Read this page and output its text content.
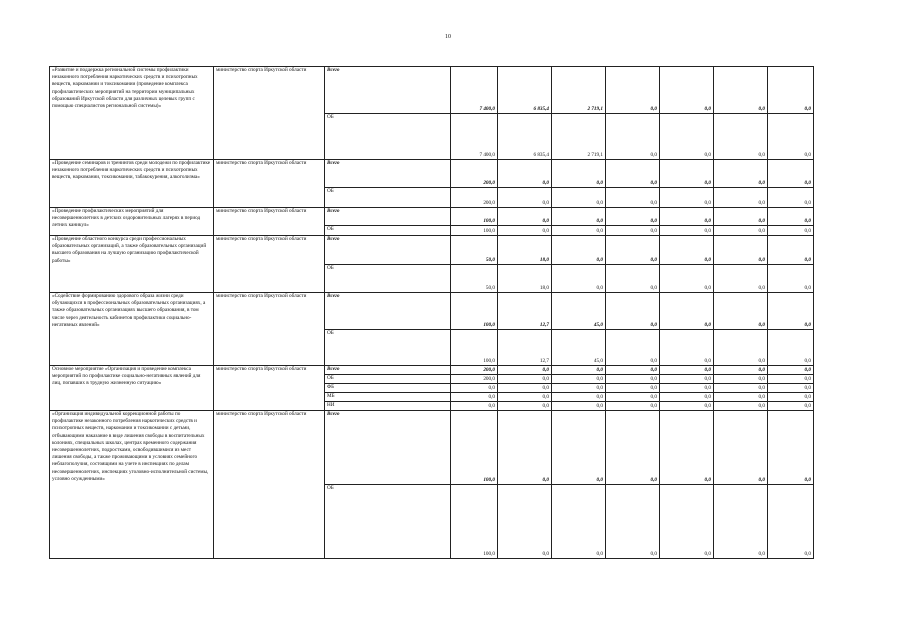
10
«Развитие и поддержка региональной системы профилактики незаконного потребления наркотических средств и психотропных веществ, наркомании и токсикомании (проведение комплекса профилактических мероприятий на территории муниципальных образований Иркутской области для различных целевых групп с помощью специалистов региональной системы)»	министерство спорта Иркутской области	Всего	7 400,0	6 835,4	2 719,1	0,0	0,0	0,0	0,0
		ОБ	7 400,0	6 835,4	2 719,1	0,0	0,0	0,0	0,0
«Проведение семинаров и тренингов среди молодежи по профилактике незаконного потребления наркотических средств и психотропных веществ, наркомании, токсикомании, табакокурения, алкоголизма»	министерство спорта Иркутской области	Всего	200,0	0,0	0,0	0,0	0,0	0,0	0,0
		ОБ	200,0	0,0	0,0	0,0	0,0	0,0	0,0
«Проведение профилактических мероприятий для несовершеннолетних в детских оздоровительных лагерях в период летних каникул»	министерство спорта Иркутской области	Всего	100,0	0,0	0,0	0,0	0,0	0,0	0,0
		ОБ	100,0	0,0	0,0	0,0	0,0	0,0	0,0
«Проведение областного конкурса среди профессиональных образовательных организаций, а также образовательных организаций высшего образования на лучшую организацию профилактической работы»	министерство спорта Иркутской области	Всего	50,0	18,0	0,0	0,0	0,0	0,0	0,0
		ОБ	50,0	18,0	0,0	0,0	0,0	0,0	0,0
«Содействие формированию здорового образа жизни среди обучающихся в профессиональных образовательных организациях, а также образовательных организациях высшего образования, в том числе через деятельность кабинетов профилактики социально-негативных явлений»	министерство спорта Иркутской области	Всего	100,0	12,7	45,0	0,0	0,0	0,0	0,0
		ОБ	100,0	12,7	45,0	0,0	0,0	0,0	0,0
Основное мероприятие «Организация и проведение комплекса мероприятий по профилактике социально-негативных явлений для лиц, попавших в трудную жизненную ситуацию»	министерство спорта Иркутской области	Всего	200,0	0,0	0,0	0,0	0,0	0,0	0,0
		ОБ	200,0	0,0	0,0	0,0	0,0	0,0	0,0
		ФБ	0,0	0,0	0,0	0,0	0,0	0,0	0,0
		МБ	0,0	0,0	0,0	0,0	0,0	0,0	0,0
		НИ	0,0	0,0	0,0	0,0	0,0	0,0	0,0
«Организация индивидуальной коррекционной работы по профилактике незаконного потребления наркотических средств и психотропных веществ, наркомании и токсикомании с детьми, отбывающими наказание в виде лишения свободы в воспитательных колониях, специальных школах, центрах временного содержания несовершеннолетних, подростками, освободившимися из мест лишения свободы, а также проживающими в условиях семейного неблагополучия, состоящими на учете в инспекциях по делам несовершеннолетних, инспекциях уголовно-исполнительной системы, условно осужденными»	министерство спорта Иркутской области	Всего	100,0	0,0	0,0	0,0	0,0	0,0	0,0
		ОБ	100,0	0,0	0,0	0,0	0,0	0,0	0,0
